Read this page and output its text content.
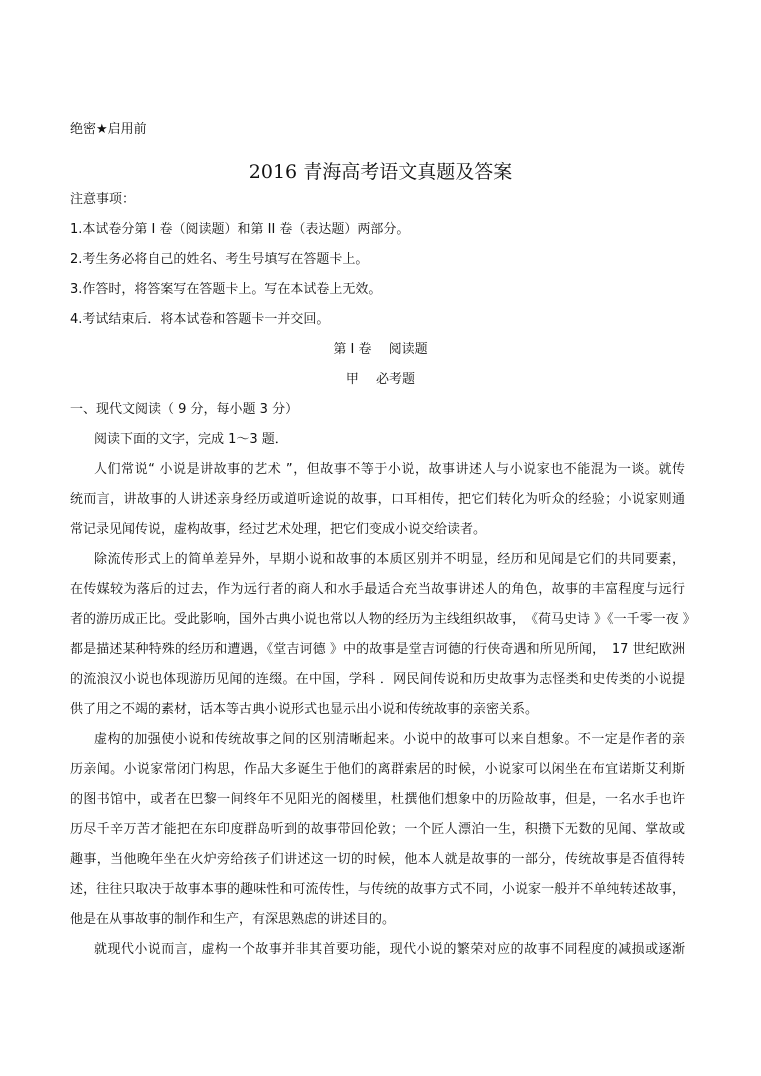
绝密★启用前
2016 青海高考语文真题及答案
注意事项：
1.本试卷分第 I 卷（阅读题）和第 II 卷（表达题）两部分。
2.考生务必将自己的姓名、考生号填写在答题卡上。
3.作答时，将答案写在答题卡上。写在本试卷上无效。
4.考试结束后．将本试卷和答题卡一并交回。
第 I 卷　 阅读题
甲　 必考题
一、现代文阅读（ 9 分，每小题 3 分）
阅读下面的文字，完成 1～3 题．
人们常说“ 小说是讲故事的艺术 ”，但故事不等于小说，故事讲述人与小说家也不能混为一谈。就传
统而言，讲故事的人讲述亲身经历或道听途说的故事，口耳相传，把它们转化为听众的经验；小说家则通
常记录见闻传说，虚构故事，经过艺术处理，把它们变成小说交给读者。
除流传形式上的简单差异外，早期小说和故事的本质区别并不明显，经历和见闻是它们的共同要素，
在传媒较为落后的过去，作为远行者的商人和水手最适合充当故事讲述人的角色，故事的丰富程度与远行
者的游历成正比。受此影响，国外古典小说也常以人物的经历为主线组织故事，　《荷马史诗 》《一千零一夜 》
都是描述某种特殊的经历和遭遇，《堂吉诃德 》中的故事是堂吉诃德的行侠奇遇和所见所闻，　17 世纪欧洲
的流浪汉小说也体现游历见闻的连缀。在中国，学科 ．网民间传说和历史故事为志怪类和史传类的小说提
供了用之不竭的素材，话本等古典小说形式也显示出小说和传统故事的亲密关系。
虚构的加强使小说和传统故事之间的区别清晰起来。小说中的故事可以来自想象。不一定是作者的亲
历亲闻。小说家常闭门构思，作品大多诞生于他们的离群索居的时候，小说家可以闲坐在布宜诺斯艾利斯
的图书馆中，或者在巴黎一间终年不见阳光的阁楼里，杜撰他们想象中的历险故事，但是，一名水手也许
历尽千辛万苦才能把在东印度群岛听到的故事带回伦敦；一个匠人漂泊一生，积攒下无数的见闻、掌故或
趣事，当他晚年坐在火炉旁给孩子们讲述这一切的时候，他本人就是故事的一部分，传统故事是否值得转
述，往往只取决于故事本事的趣味性和可流传性，与传统的故事方式不同，小说家一般并不单纯转述故事，
他是在从事故事的制作和生产，有深思熟虑的讲述目的。
就现代小说而言，虚构一个故事并非其首要功能，现代小说的繁荣对应的故事不同程度的减损或逐渐
